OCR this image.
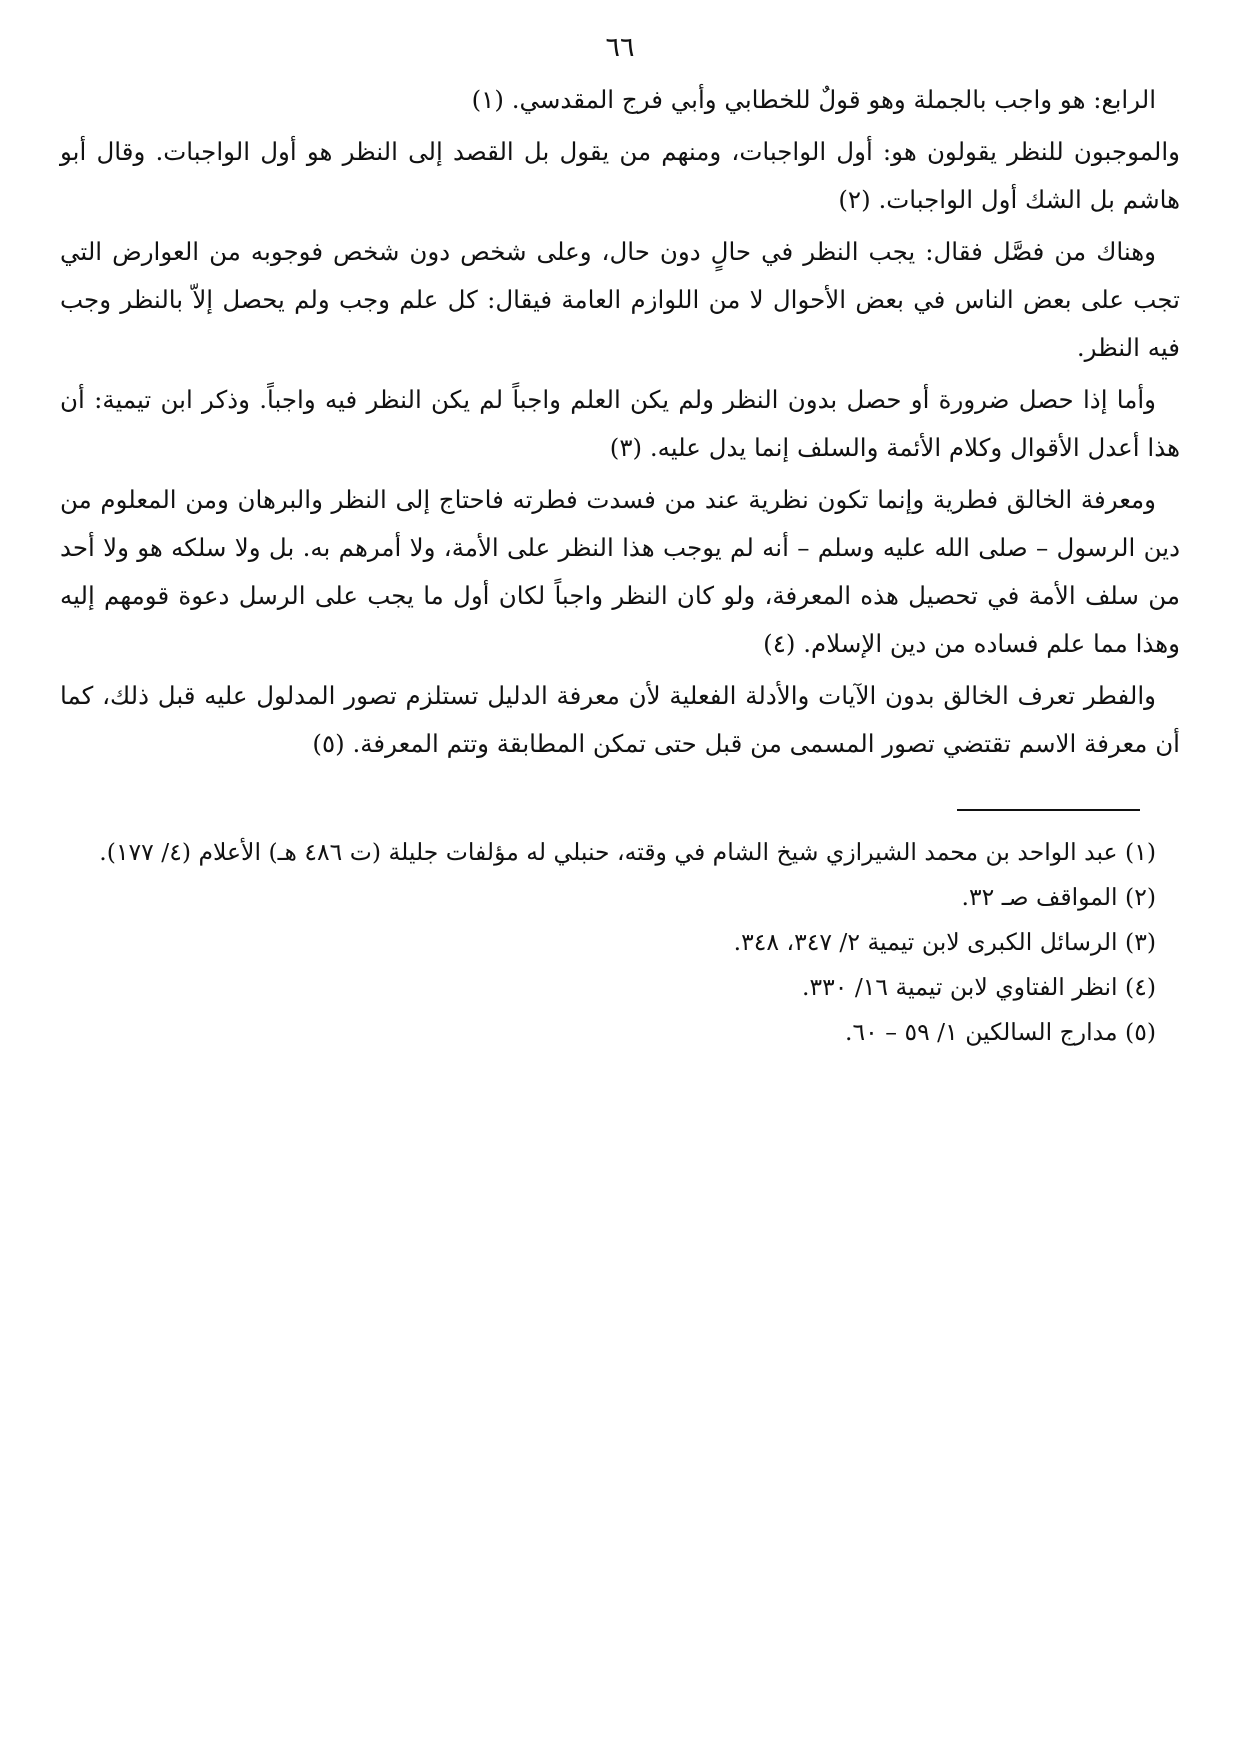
٦٦

الرابع: هو واجب بالجملة وهو قولٌ للخطابي وأبي فرج المقدسي. (١)

والموجبون للنظر يقولون هو: أول الواجبات، ومنهم من يقول بل القصد إلى النظر هو أول الواجبات. وقال أبو هاشم بل الشك أول الواجبات. (٢)

وهناك من فصَّل فقال: يجب النظر في حالٍ دون حال، وعلى شخص دون شخص فوجوبه من العوارض التي تجب على بعض الناس في بعض الأحوال لا من اللوازم العامة فيقال: كل علم وجب ولم يحصل إلاّ بالنظر وجب فيه النظر.

وأما إذا حصل ضرورة أو حصل بدون النظر ولم يكن العلم واجباً لم يكن النظر فيه واجباً. وذكر ابن تيمية: أن هذا أعدل الأقوال وكلام الأئمة والسلف إنما يدل عليه. (٣)

ومعرفة الخالق فطرية وإنما تكون نظرية عند من فسدت فطرته فاحتاج إلى النظر والبرهان ومن المعلوم من دين الرسول – صلى الله عليه وسلم – أنه لم يوجب هذا النظر على الأمة، ولا أمرهم به. بل ولا سلكه هو ولا أحد من سلف الأمة في تحصيل هذه المعرفة، ولو كان النظر واجباً لكان أول ما يجب على الرسل دعوة قومهم إليه وهذا مما علم فساده من دين الإسلام. (٤)

والفطر تعرف الخالق بدون الآيات والأدلة الفعلية لأن معرفة الدليل تستلزم تصور المدلول عليه قبل ذلك، كما أن معرفة الاسم تقتضي تصور المسمى من قبل حتى تمكن المطابقة وتتم المعرفة. (٥)

(١) عبد الواحد بن محمد الشيرازي شيخ الشام في وقته، حنبلي له مؤلفات جليلة (ت ٤٨٦ هـ) الأعلام (٤/ ١٧٧).

(٢) المواقف صـ ٣٢.

(٣) الرسائل الكبرى لابن تيمية ٢/ ٣٤٧، ٣٤٨.

(٤) انظر الفتاوي لابن تيمية ١٦/ ٣٣٠.

(٥) مدارج السالكين ١/ ٥٩ – ٦٠.
